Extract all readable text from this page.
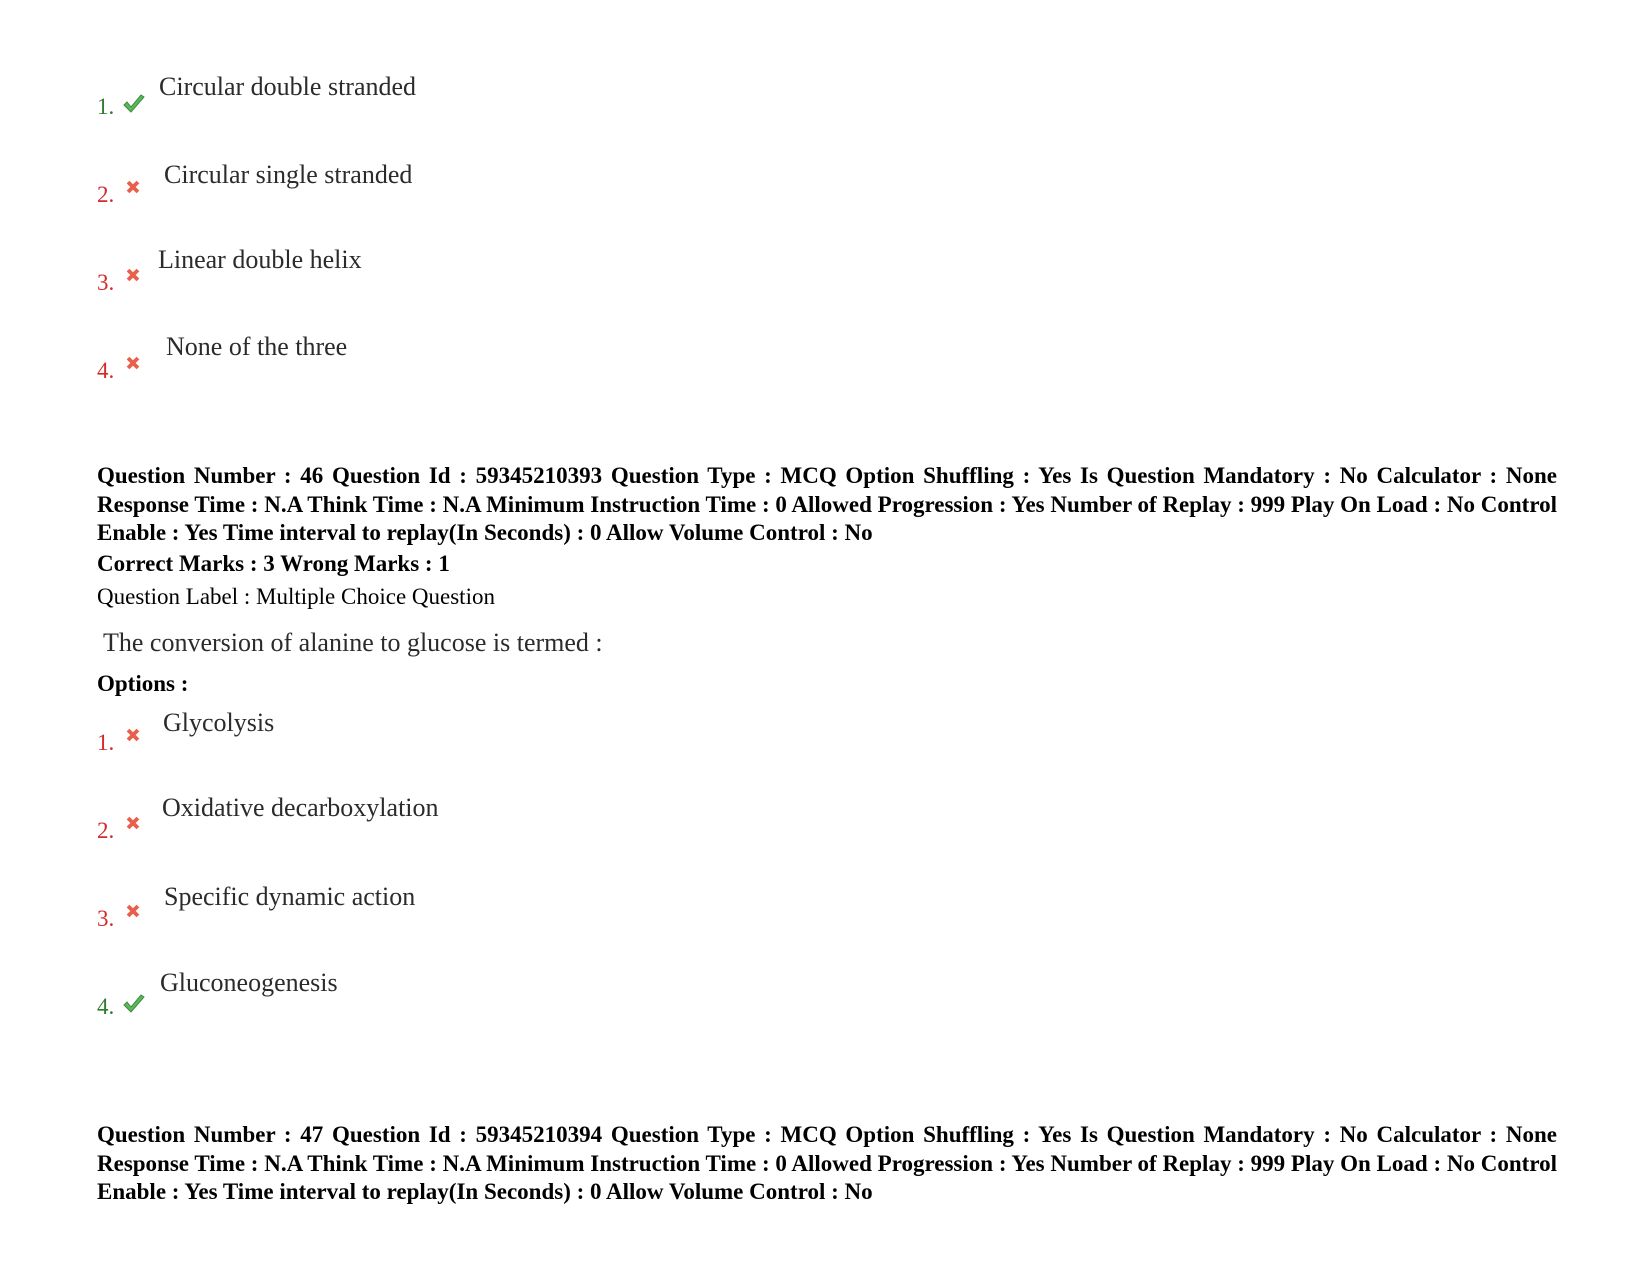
1.
Circular double stranded
2.
Circular single stranded
3.
Linear double helix
4.
None of the three
Question Number : 46 Question Id : 59345210393 Question Type : MCQ Option Shuffling : Yes Is Question Mandatory : No Calculator : None Response Time : N.A Think Time : N.A Minimum Instruction Time : 0 Allowed Progression : Yes Number of Replay : 999 Play On Load : No Control Enable : Yes Time interval to replay(In Seconds) : 0 Allow Volume Control : No
Correct Marks : 3 Wrong Marks : 1
Question Label : Multiple Choice Question
The conversion of alanine to glucose is termed :
Options :
1.
Glycolysis
2.
Oxidative decarboxylation
3.
Specific dynamic action
4.
Gluconeogenesis
Question Number : 47 Question Id : 59345210394 Question Type : MCQ Option Shuffling : Yes Is Question Mandatory : No Calculator : None Response Time : N.A Think Time : N.A Minimum Instruction Time : 0 Allowed Progression : Yes Number of Replay : 999 Play On Load : No Control Enable : Yes Time interval to replay(In Seconds) : 0 Allow Volume Control : No
